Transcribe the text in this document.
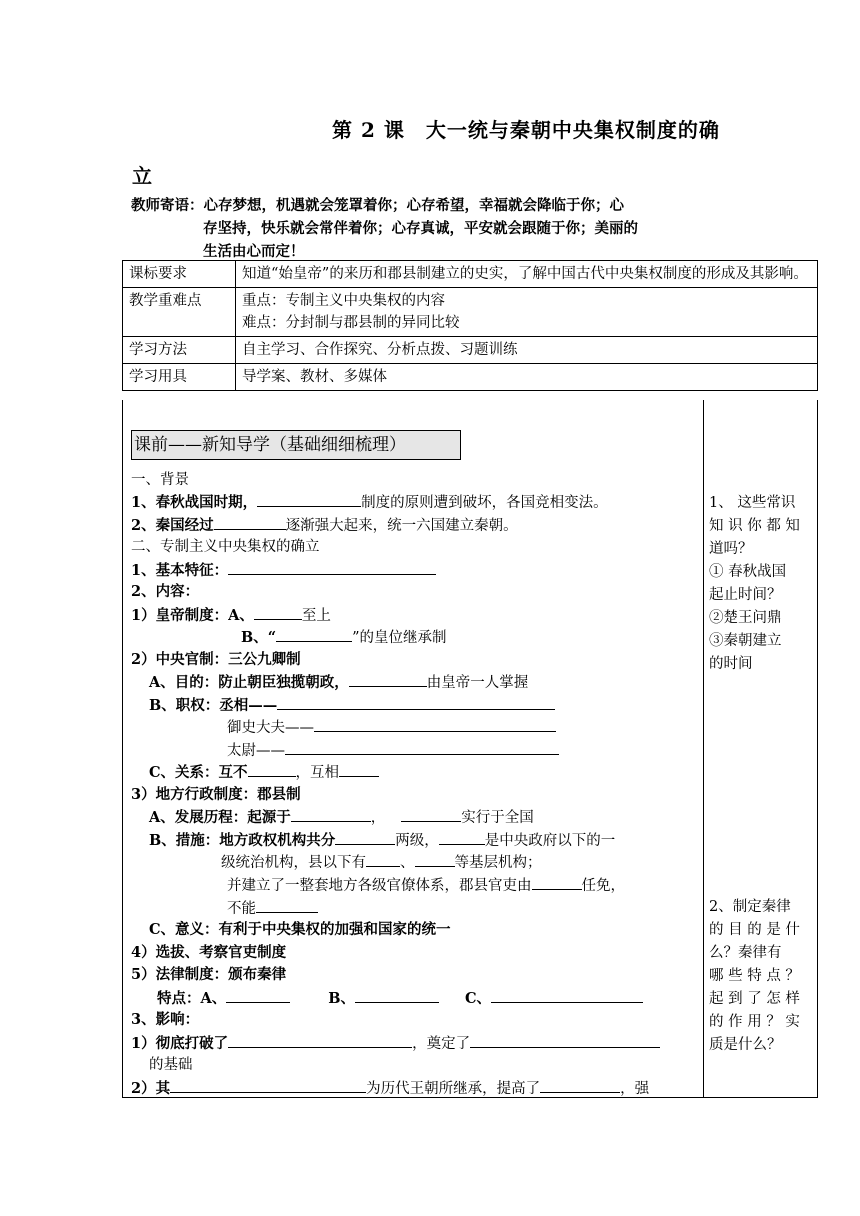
第 2 课　大一统与秦朝中央集权制度的确
立
教师寄语：心存梦想，机遇就会笼罩着你；心存希望，幸福就会降临于你；心
存坚持，快乐就会常伴着你；心存真诚，平安就会跟随于你；美丽的
生活由心而定！
课标要求	知道“始皇帝”的来历和郡县制建立的史实，了解中国古代中央集权制度的形成及其影响。
教学重难点	重点：专制主义中央集权的内容
难点：分封制与郡县制的异同比较

学习方法	自主学习、合作探究、分析点拨、习题训练
学习用具	导学案、教材、多媒体
课前——新知导学（基础细细梳理）
一、背景
1、春秋战国时期，	制度的原则遭到破坏，各国竞相变法。
2、秦国经过	逐渐强大起来，统一六国建立秦朝。
二、专制主义中央集权的确立
1、基本特征：
2、内容：
1）皇帝制度：A、	至上
B、“	”的皇位继承制
2）中央官制：三公九卿制
A、目的：防止朝臣独揽朝政，	由皇帝一人掌握
B、职权：丞相——
御史大夫——
太尉——
C、关系：互不	，互相
3）地方行政制度：郡县制
A、发展历程：起源于	，	实行于全国
B、措施：地方政权机构共分	两级，	是中央政府以下的一
级统治机构，县以下有 、	等基层机构；
并建立了一整套地方各级官僚体系，郡县官吏由	任免，
不能
C、意义：有利于中央集权的加强和国家的统一
4）选拔、考察官吏制度
5）法律制度：颁布秦律
特点：A、	B、	C、
3、影响：
1）彻底打破了	，奠定了
的基础
2）其	为历代王朝所继承，提高了	，强
1、 这些常识
知 识 你 都 知
道吗？
① 春秋战国
起止时间？
②楚王问鼎
③秦朝建立
的时间
2、制定秦律
的 目 的 是 什
么？秦律有
哪 些 特 点 ？
起 到 了 怎 样
的 作 用 ？ 实
质是什么？
